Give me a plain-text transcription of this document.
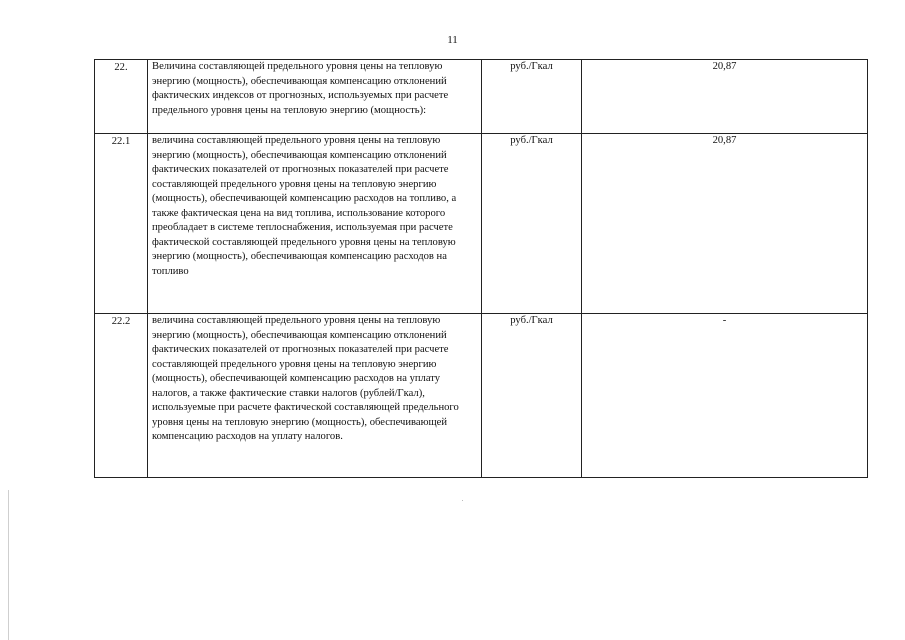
11
22.	Величина составляющей предельного уровня цены на тепловую энергию (мощность), обеспечивающая компенсацию отклонений фактических индексов от прогнозных, используемых при расчете предельного уровня цены на тепловую энергию (мощность):	руб./Гкал	20,87
22.1	величина составляющей предельного уровня цены на тепловую энергию (мощность), обеспечивающая компенсацию отклонений фактических показателей от прогнозных показателей при расчете составляющей предельного уровня цены на тепловую энергию (мощность), обеспечивающей компенсацию расходов на топливо, а также фактическая цена на вид топлива, использование которого преобладает в системе теплоснабжения, используемая при расчете фактической составляющей предельного уровня цены на тепловую энергию (мощность), обеспечивающая компенсацию расходов на топливо	руб./Гкал	20,87
22.2	величина составляющей предельного уровня цены на тепловую энергию (мощность), обеспечивающая компенсацию отклонений фактических показателей от прогнозных показателей при расчете составляющей предельного уровня цены на тепловую энергию (мощность), обеспечивающей компенсацию расходов на уплату налогов, а также фактические ставки налогов (рублей/Гкал), используемые при расчете фактической составляющей предельного уровня цены на тепловую энергию (мощность), обеспечивающей компенсацию расходов на уплату налогов.	руб./Гкал	-
